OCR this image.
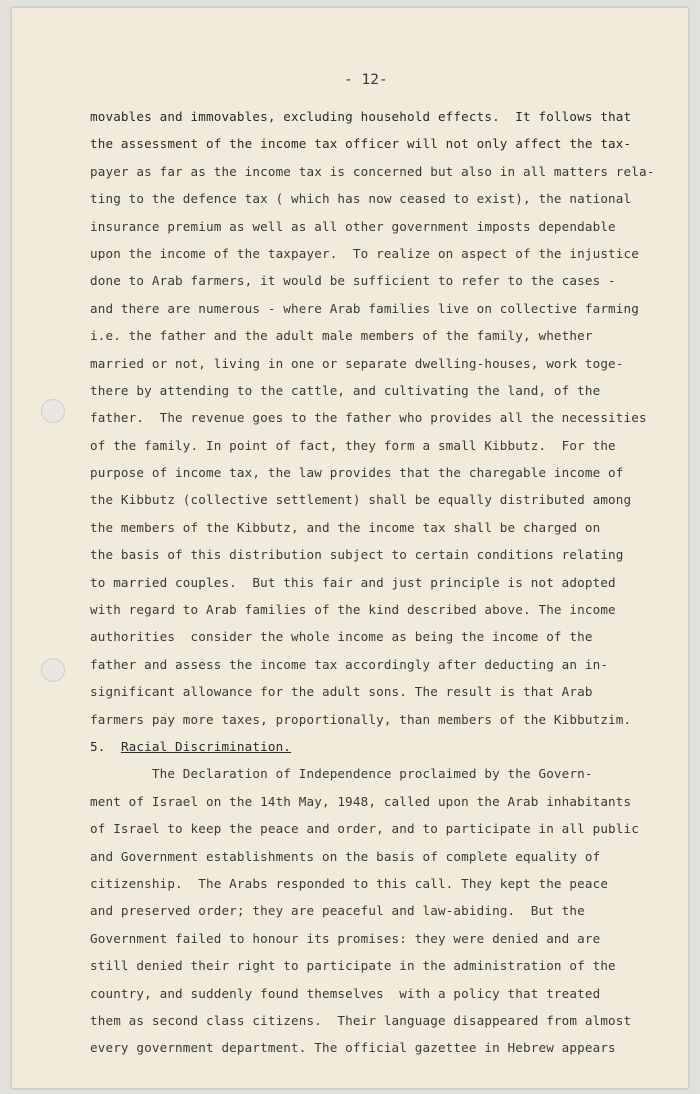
- 12-
movables and immovables, excluding household effects.  It follows that
the assessment of the income tax officer will not only affect the tax-
payer as far as the income tax is concerned but also in all matters rela-
ting to the defence tax ( which has now ceased to exist), the national
insurance premium as well as all other government imposts dependable
upon the income of the taxpayer.  To realize on aspect of the injustice
done to Arab farmers, it would be sufficient to refer to the cases -
and there are numerous - where Arab families live on collective farming
i.e. the father and the adult male members of the family, whether
married or not, living in one or separate dwelling-houses, work toge-
there by attending to the cattle, and cultivating the land, of the
father.  The revenue goes to the father who provides all the necessities
of the family. In point of fact, they form a small Kibbutz.  For the
purpose of income tax, the law provides that the charegable income of
the Kibbutz (collective settlement) shall be equally distributed among
the members of the Kibbutz, and the income tax shall be charged on
the basis of this distribution subject to certain conditions relating
to married couples.  But this fair and just principle is not adopted
with regard to Arab families of the kind described above. The income
authorities  consider the whole income as being the income of the
father and assess the income tax accordingly after deducting an in-
significant allowance for the adult sons. The result is that Arab
farmers pay more taxes, proportionally, than members of the Kibbutzim.
5. Racial Discrimination.
The Declaration of Independence proclaimed by the Govern-
ment of Israel on the 14th May, 1948, called upon the Arab inhabitants
of Israel to keep the peace and order, and to participate in all public
and Government establishments on the basis of complete equality of
citizenship.  The Arabs responded to this call. They kept the peace
and preserved order; they are peaceful and law-abiding.  But the
Government failed to honour its promises: they were denied and are
still denied their right to participate in the administration of the
country, and suddenly found themselves  with a policy that treated
them as second class citizens.  Their language disappeared from almost
every government department. The official gazettee in Hebrew appears
